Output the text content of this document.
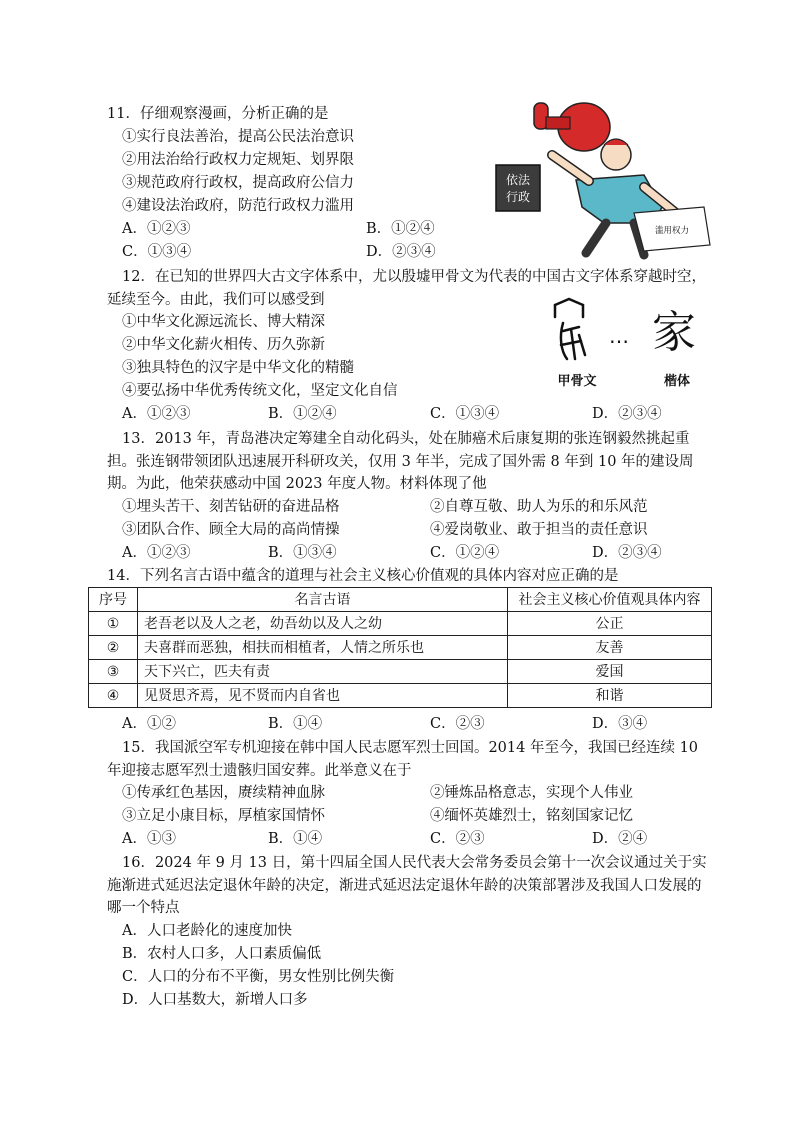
11．仔细观察漫画，分析正确的是
①实行良法善治，提高公民法治意识
②用法治给行政权力定规矩、划界限
③规范政府行政权，提高政府公信力
④建设法治政府，防范行政权力滥用
A．①②③	B．①②④
C．①③④	D．②③④
依法
行政
滥用权力
12．在已知的世界四大古文字体系中，尤以殷墟甲骨文为代表的中国古文字体系穿越时空，延续至今。由此，我们可以感受到
①中华文化源远流长、博大精深
②中华文化薪火相传、历久弥新
③独具特色的汉字是中华文化的精髓
④要弘扬中华优秀传统文化，坚定文化自信
A．①②③	B．①②④	C．①③④	D．②③④
… 家
甲骨文	楷体
13．2013 年，青岛港决定筹建全自动化码头，处在肺癌术后康复期的张连钢毅然挑起重担。张连钢带领团队迅速展开科研攻关，仅用 3 年半，完成了国外需 8 年到 10 年的建设周期。为此，他荣获感动中国 2023 年度人物。材料体现了他
①埋头苦干、刻苦钻研的奋进品格	②自尊互敬、助人为乐的和乐风范
③团队合作、顾全大局的高尚情操	④爱岗敬业、敢于担当的责任意识
A．①②③	B．①③④	C．①②④	D．②③④
14．下列名言古语中蕴含的道理与社会主义核心价值观的具体内容对应正确的是
序号	名言古语	社会主义核心价值观具体内容
①	老吾老以及人之老，幼吾幼以及人之幼	公正
②	夫喜群而恶独，相扶而相植者，人情之所乐也	友善
③	天下兴亡，匹夫有责	爱国
④	见贤思齐焉，见不贤而内自省也	和谐
A．①②	B．①④	C．②③	D．③④
15．我国派空军专机迎接在韩中国人民志愿军烈士回国。2014 年至今，我国已经连续 10 年迎接志愿军烈士遗骸归国安葬。此举意义在于
①传承红色基因，赓续精神血脉	②锤炼品格意志，实现个人伟业
③立足小康目标，厚植家国情怀	④缅怀英雄烈士，铭刻国家记忆
A．①③	B．①④	C．②③	D．②④
16．2024 年 9 月 13 日，第十四届全国人民代表大会常务委员会第十一次会议通过关于实施渐进式延迟法定退休年龄的决定，渐进式延迟法定退休年龄的决策部署涉及我国人口发展的哪一个特点
A．人口老龄化的速度加快
B．农村人口多，人口素质偏低
C．人口的分布不平衡，男女性别比例失衡
D．人口基数大，新增人口多
